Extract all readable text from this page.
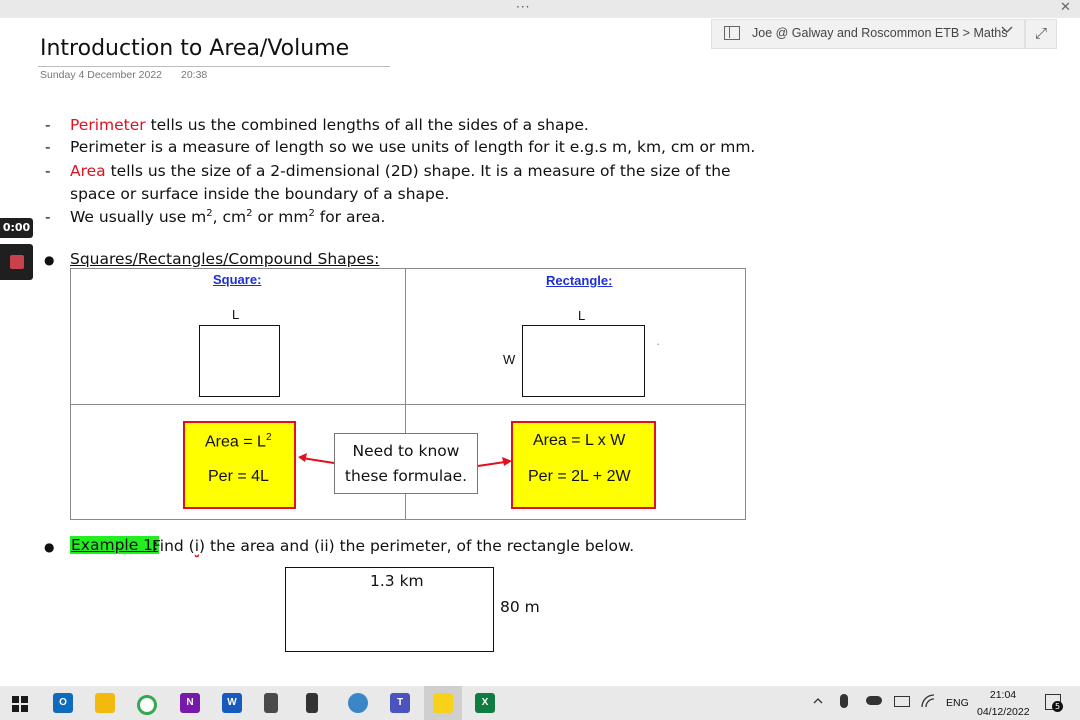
···	✕
Joe @ Galway and Roscommon ETB > Maths	⤢
Introduction to Area/Volume
Sunday 4 December 2022 20:38
0:00
- Perimeter tells us the combined lengths of all the sides of a shape.
- Perimeter is a measure of length so we use units of length for it e.g.s m, km, cm or mm.
- Area tells us the size of a 2-dimensional (2D) shape. It is a measure of the size of the
space or surface inside the boundary of a shape.
- We usually use $m^2$, $cm^2$ or $mm^2$ for area.
● Squares/Rectangles/Compound Shapes:
Square:	Rectangle:
L	L
W
·
Area = $L^2$
Per = 4L
Area = L x W
Per = 2L + 2W
Need to know
these formulae.
● Example 1:
Find (i) the area and (ii) the perimeter, of the rectangle below.
1.3 km
80 m
O	N	W	T	X	5
ENG
21:04
04/12/2022
